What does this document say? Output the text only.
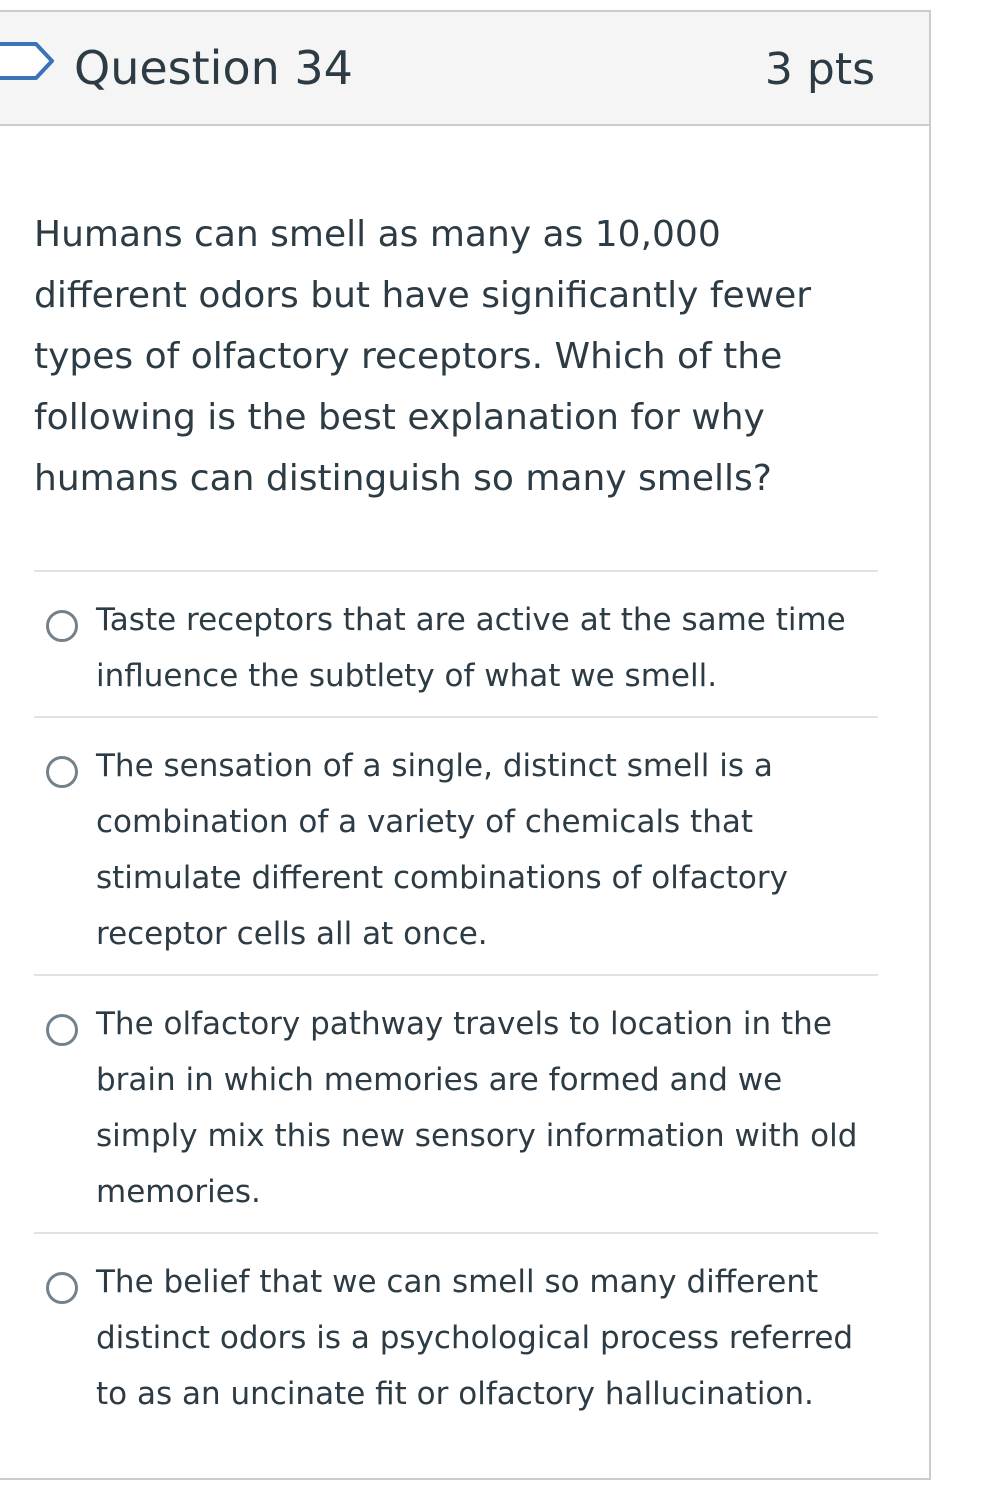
Question 34	3 pts
Humans can smell as many as 10,000 different odors but have significantly fewer types of olfactory receptors. Which of the following is the best explanation for why humans can distinguish so many smells?
Taste receptors that are active at the same time influence the subtlety of what we smell.
The sensation of a single, distinct smell is a combination of a variety of chemicals that stimulate different combinations of olfactory receptor cells all at once.
The olfactory pathway travels to location in the brain in which memories are formed and we simply mix this new sensory information with old memories.
The belief that we can smell so many different distinct odors is a psychological process referred to as an uncinate fit or olfactory hallucination.
